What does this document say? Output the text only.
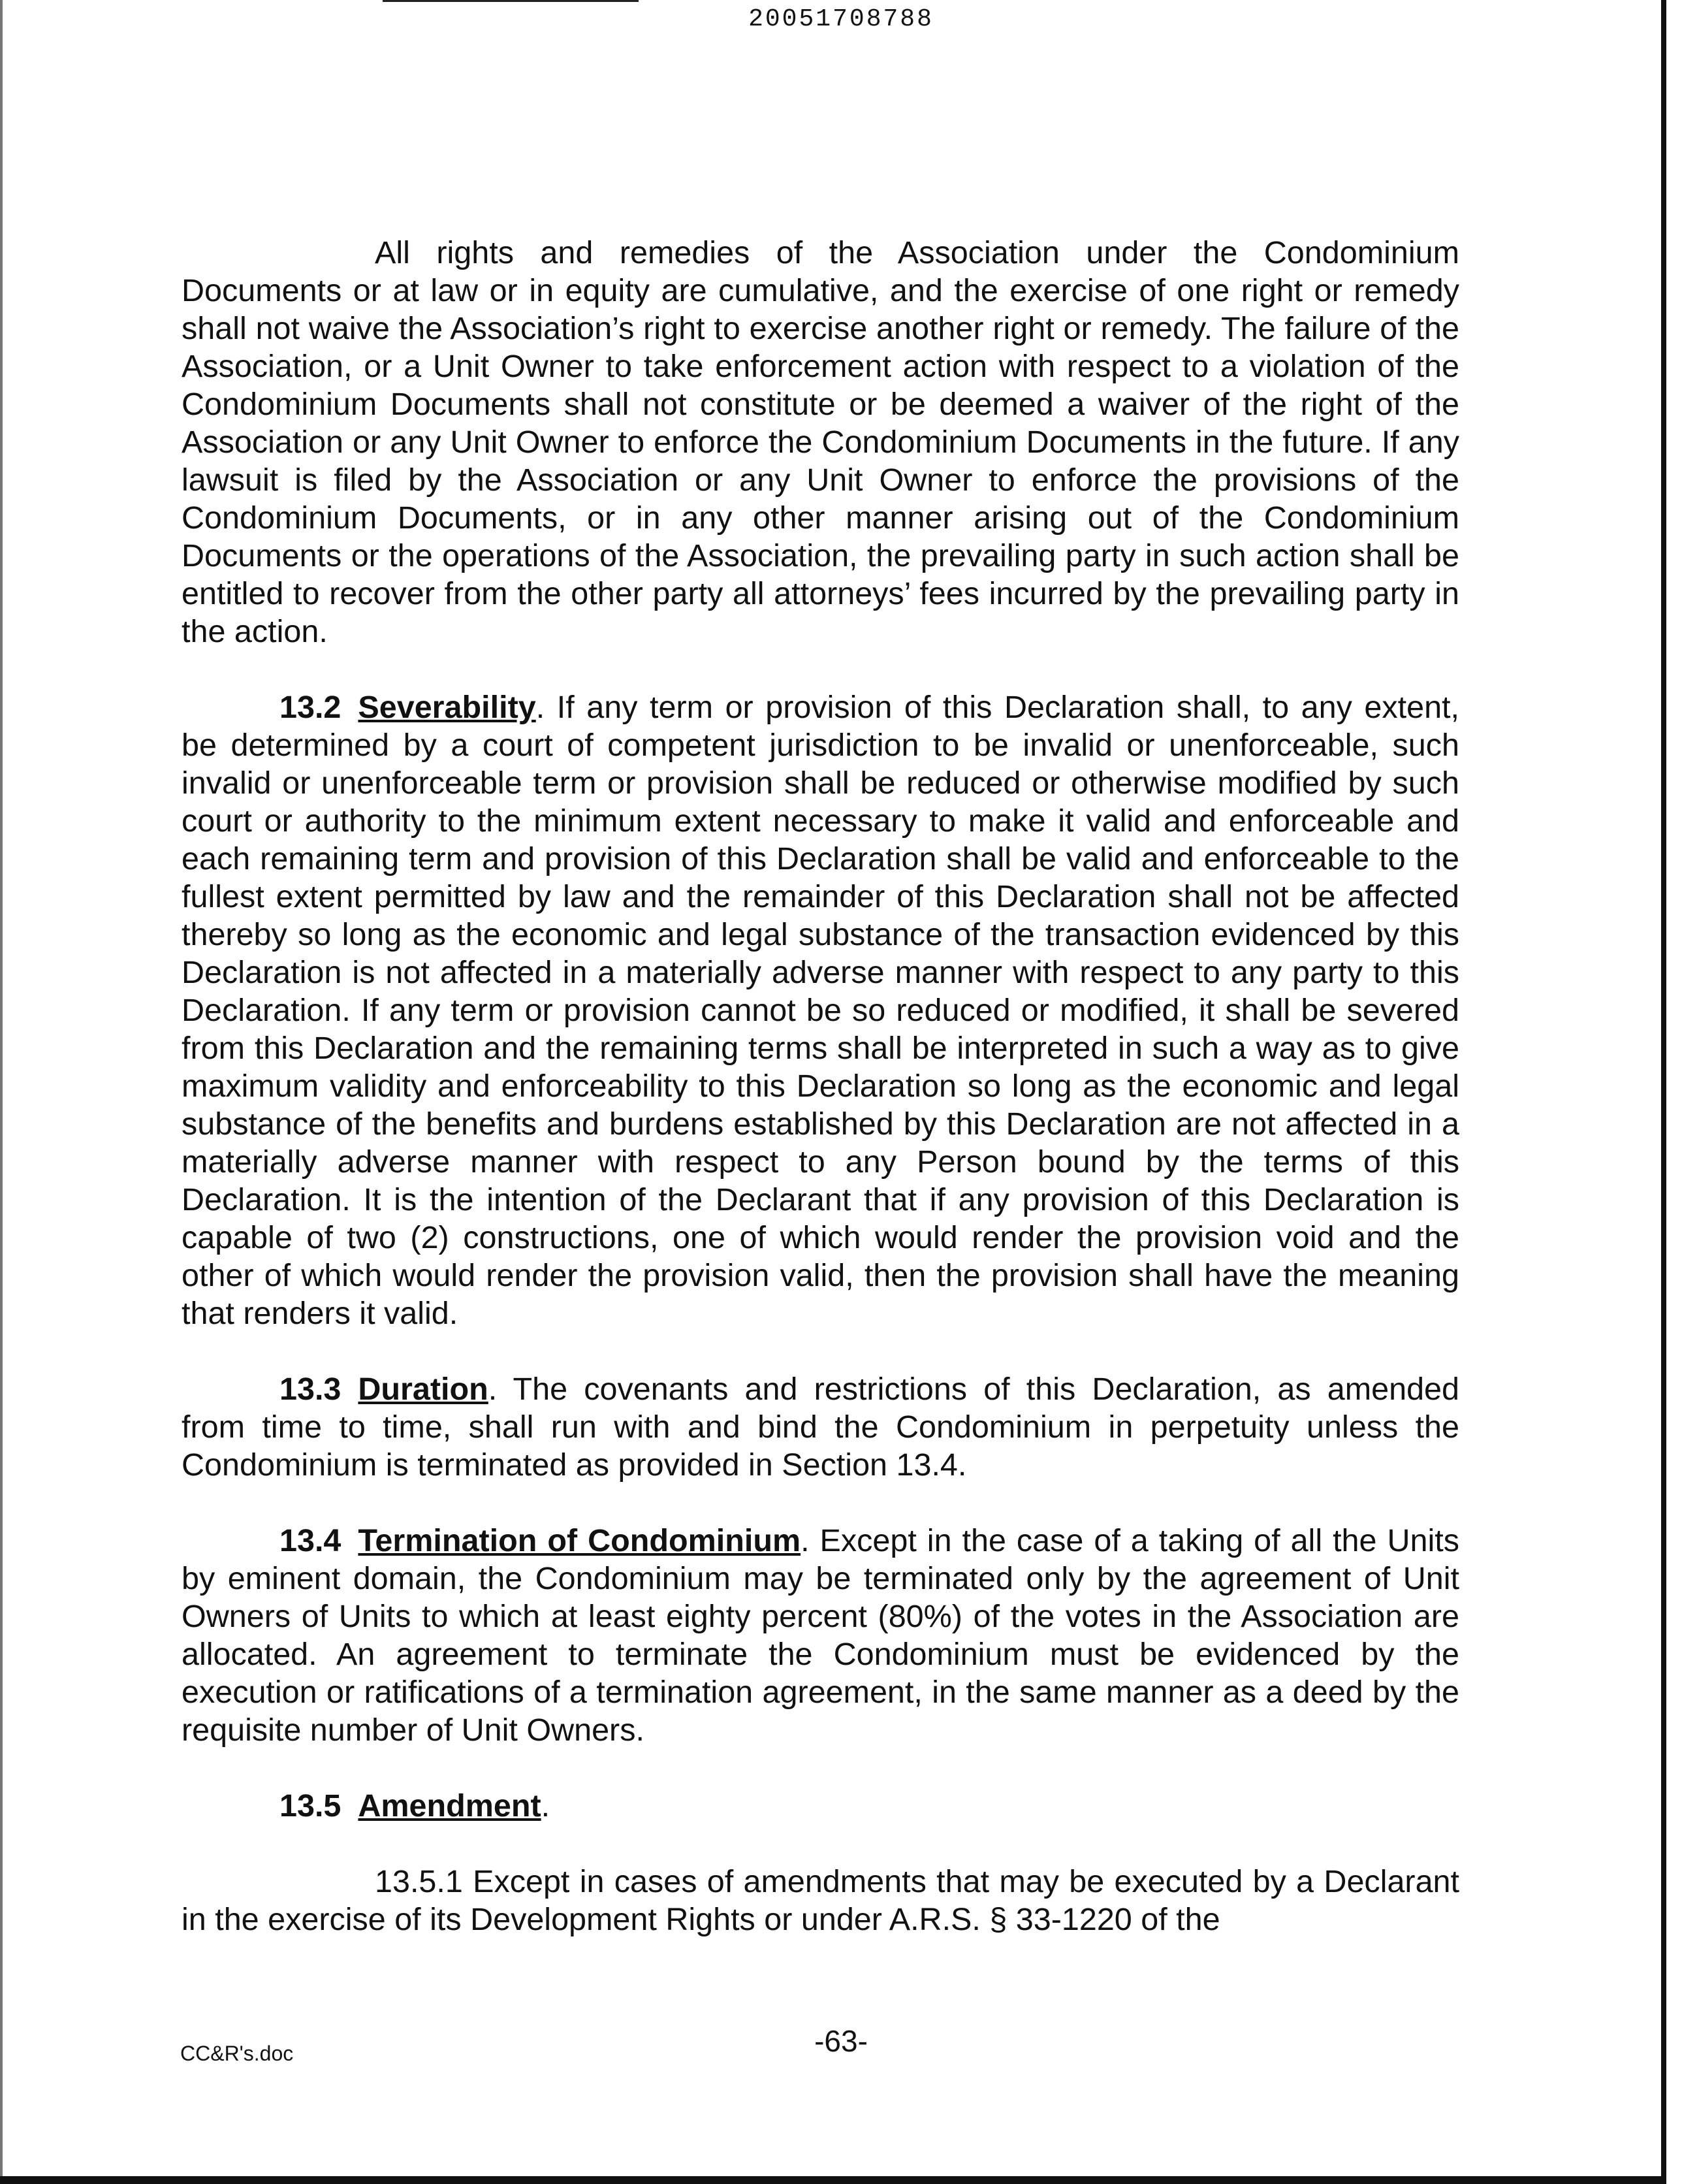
20051708788

All rights and remedies of the Association under the Condominium Documents or at law or in equity are cumulative, and the exercise of one right or remedy shall not waive the Association’s right to exercise another right or remedy. The failure of the Association, or a Unit Owner to take enforcement action with respect to a violation of the Condominium Documents shall not constitute or be deemed a waiver of the right of the Association or any Unit Owner to enforce the Condominium Documents in the future. If any lawsuit is filed by the Association or any Unit Owner to enforce the provisions of the Condominium Documents, or in any other manner arising out of the Condominium Documents or the operations of the Association, the prevailing party in such action shall be entitled to recover from the other party all attorneys’ fees incurred by the prevailing party in the action.

13.2 Severability. If any term or provision of this Declaration shall, to any extent, be determined by a court of competent jurisdiction to be invalid or unenforceable, such invalid or unenforceable term or provision shall be reduced or otherwise modified by such court or authority to the minimum extent necessary to make it valid and enforceable and each remaining term and provision of this Declaration shall be valid and enforceable to the fullest extent permitted by law and the remainder of this Declaration shall not be affected thereby so long as the economic and legal substance of the transaction evidenced by this Declaration is not affected in a materially adverse manner with respect to any party to this Declaration. If any term or provision cannot be so reduced or modified, it shall be severed from this Declaration and the remaining terms shall be interpreted in such a way as to give maximum validity and enforceability to this Declaration so long as the economic and legal substance of the benefits and burdens established by this Declaration are not affected in a materially adverse manner with respect to any Person bound by the terms of this Declaration. It is the intention of the Declarant that if any provision of this Declaration is capable of two (2) constructions, one of which would render the provision void and the other of which would render the provision valid, then the provision shall have the meaning that renders it valid.

13.3 Duration. The covenants and restrictions of this Declaration, as amended from time to time, shall run with and bind the Condominium in perpetuity unless the Condominium is terminated as provided in Section 13.4.

13.4 Termination of Condominium. Except in the case of a taking of all the Units by eminent domain, the Condominium may be terminated only by the agreement of Unit Owners of Units to which at least eighty percent (80%) of the votes in the Association are allocated. An agreement to terminate the Condominium must be evidenced by the execution or ratifications of a termination agreement, in the same manner as a deed by the requisite number of Unit Owners.

13.5 Amendment.

13.5.1 Except in cases of amendments that may be executed by a Declarant in the exercise of its Development Rights or under A.R.S. § 33-1220 of the

-63-
CC&R's.doc
